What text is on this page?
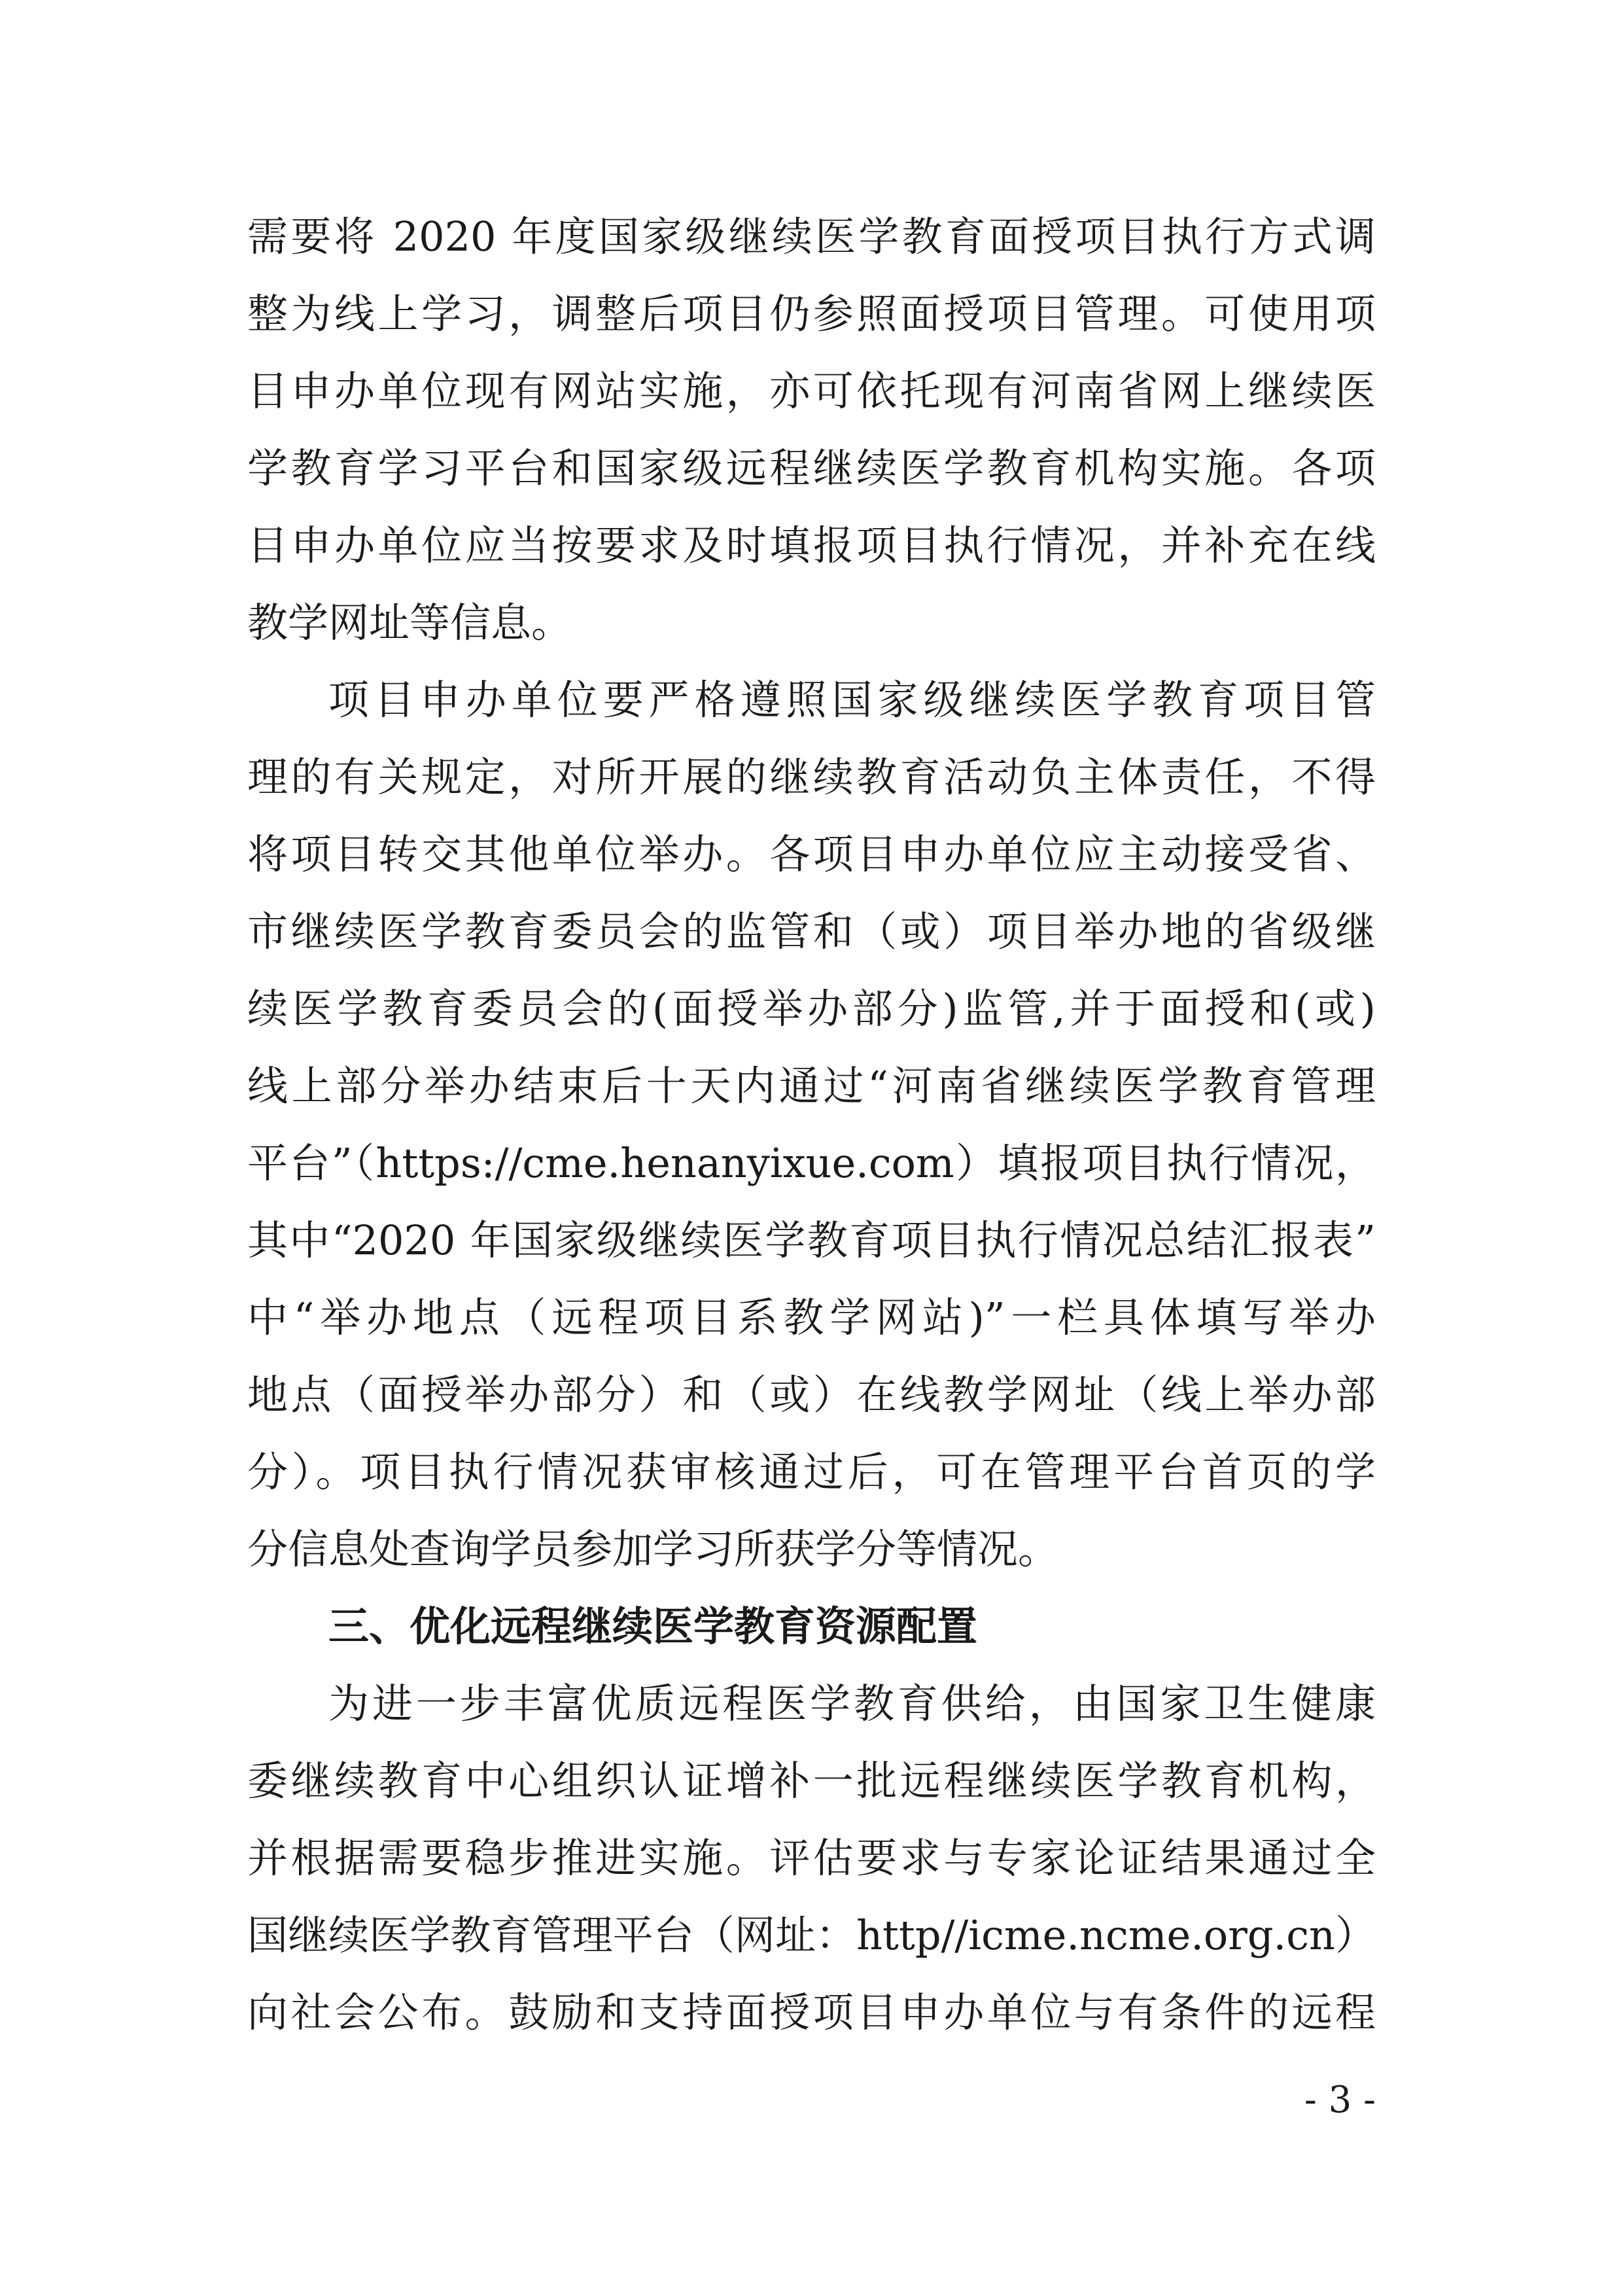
需要将 2020 年度国家级继续医学教育面授项目执行方式调
整为线上学习，调整后项目仍参照面授项目管理。可使用项
目申办单位现有网站实施，亦可依托现有河南省网上继续医
学教育学习平台和国家级远程继续医学教育机构实施。各项
目申办单位应当按要求及时填报项目执行情况，并补充在线
教学网址等信息。
项目申办单位要严格遵照国家级继续医学教育项目管
理的有关规定，对所开展的继续教育活动负主体责任，不得
将项目转交其他单位举办。各项目申办单位应主动接受省、
市继续医学教育委员会的监管和（或）项目举办地的省级继
续医学教育委员会的(面授举办部分)监管,并于面授和(或)
线上部分举办结束后十天内通过“河南省继续医学教育管理
平台”（https://cme.henanyixue.com）填报项目执行情况，
其中“2020 年国家级继续医学教育项目执行情况总结汇报表”
中“举办地点（远程项目系教学网站)”一栏具体填写举办
地点（面授举办部分）和（或）在线教学网址（线上举办部
分）。项目执行情况获审核通过后，可在管理平台首页的学
分信息处查询学员参加学习所获学分等情况。
三、优化远程继续医学教育资源配置
为进一步丰富优质远程医学教育供给，由国家卫生健康
委继续教育中心组织认证增补一批远程继续医学教育机构，
并根据需要稳步推进实施。评估要求与专家论证结果通过全
国继续医学教育管理平台（网址：http//icme.ncme.org.cn）
向社会公布。鼓励和支持面授项目申办单位与有条件的远程
- 3 -
